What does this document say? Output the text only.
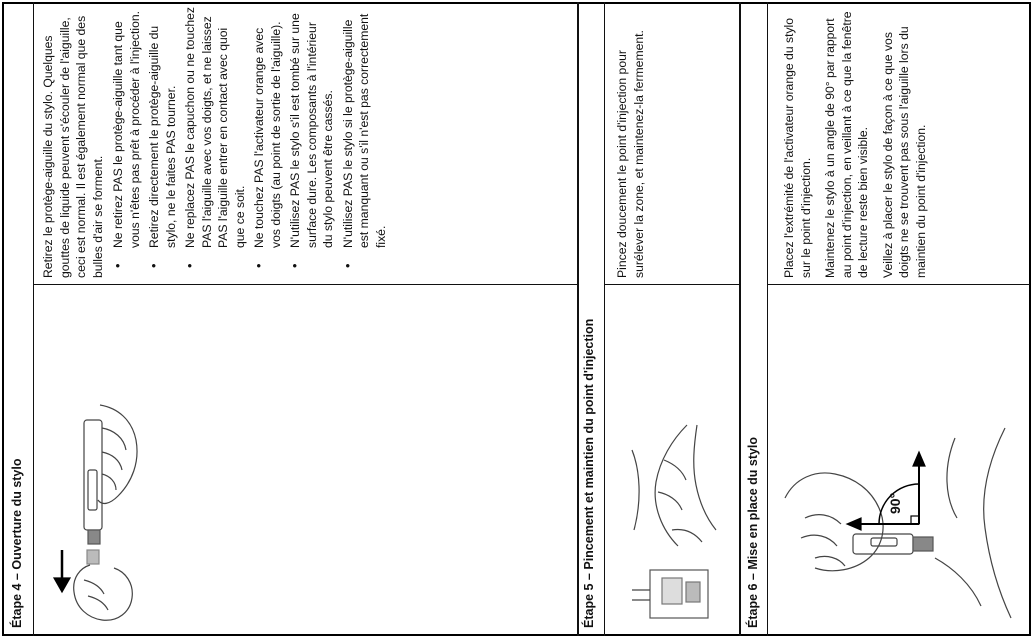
Étape 4 – Ouverture du stylo

Retirez le protège-aiguille du stylo. Quelques gouttes de liquide peuvent s'écouler de l'aiguille, ceci est normal. Il est également normal que des bulles d'air se forment. • Ne retirez PAS le protège-aiguille tant que vous n'êtes pas prêt à procéder à l'injection. • Retirez directement le protège-aiguille du stylo, ne le faites PAS tourner. • Ne replacez PAS le capuchon ou ne touchez PAS l'aiguille avec vos doigts, et ne laissez PAS l'aiguille entrer en contact avec quoi que ce soit. • Ne touchez PAS l'activateur orange avec vos doigts (au point de sortie de l'aiguille). • N'utilisez PAS le stylo s'il est tombé sur une surface dure. Les composants à l'intérieur du stylo peuvent être cassés. • N'utilisez PAS le stylo si le protège-aiguille est manquant ou s'il n'est pas correctement fixé.
Étape 5 – Pincement et maintien du point d'injection

Pincez doucement le point d'injection pour surélever la zone, et maintenez-la fermement.

Étape 6 – Mise en place du stylo

Placez l'extrémité de l'activateur orange du stylo sur le point d'injection. Maintenez le stylo à un angle de 90° par rapport au point d'injection, en veillant à ce que la fenêtre de lecture reste bien visible. Veillez à placer le stylo de façon à ce que vos doigts ne se trouvent pas sous l'aiguille lors du maintien du point d'injection.

90°
